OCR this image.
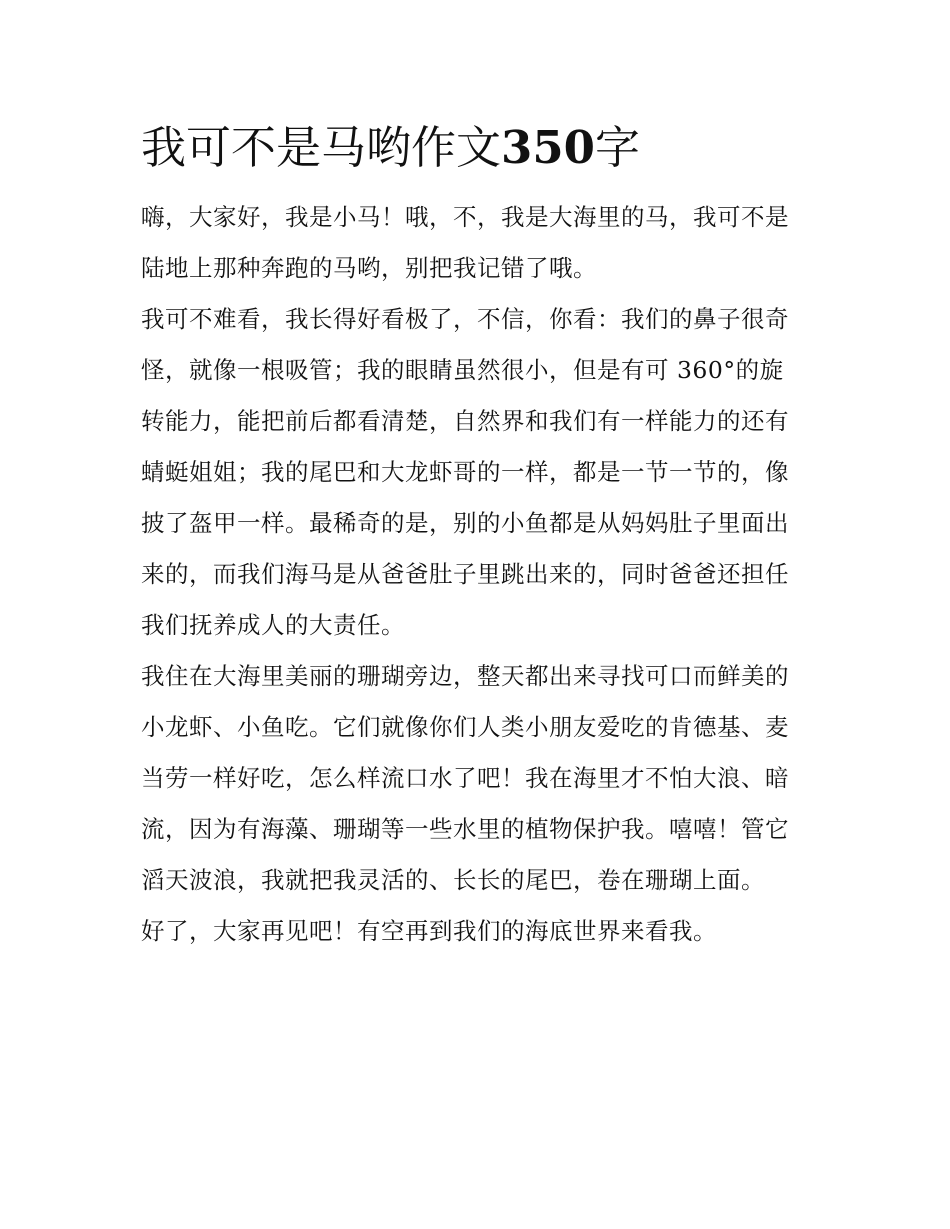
我可不是马哟作文350字

嗨，大家好，我是小马！哦，不，我是大海里的马，我可不是
陆地上那种奔跑的马哟，别把我记错了哦。

我可不难看，我长得好看极了，不信，你看：我们的鼻子很奇
怪，就像一根吸管；我的眼睛虽然很小，但是有可 360°的旋
转能力，能把前后都看清楚，自然界和我们有一样能力的还有
蜻蜓姐姐；我的尾巴和大龙虾哥的一样，都是一节一节的，像
披了盔甲一样。最稀奇的是，别的小鱼都是从妈妈肚子里面出
来的，而我们海马是从爸爸肚子里跳出来的，同时爸爸还担任
我们抚养成人的大责任。

我住在大海里美丽的珊瑚旁边，整天都出来寻找可口而鲜美的
小龙虾、小鱼吃。它们就像你们人类小朋友爱吃的肯德基、麦
当劳一样好吃，怎么样流口水了吧！我在海里才不怕大浪、暗
流，因为有海藻、珊瑚等一些水里的植物保护我。嘻嘻！管它
滔天波浪，我就把我灵活的、长长的尾巴，卷在珊瑚上面。

好了，大家再见吧！有空再到我们的海底世界来看我。
